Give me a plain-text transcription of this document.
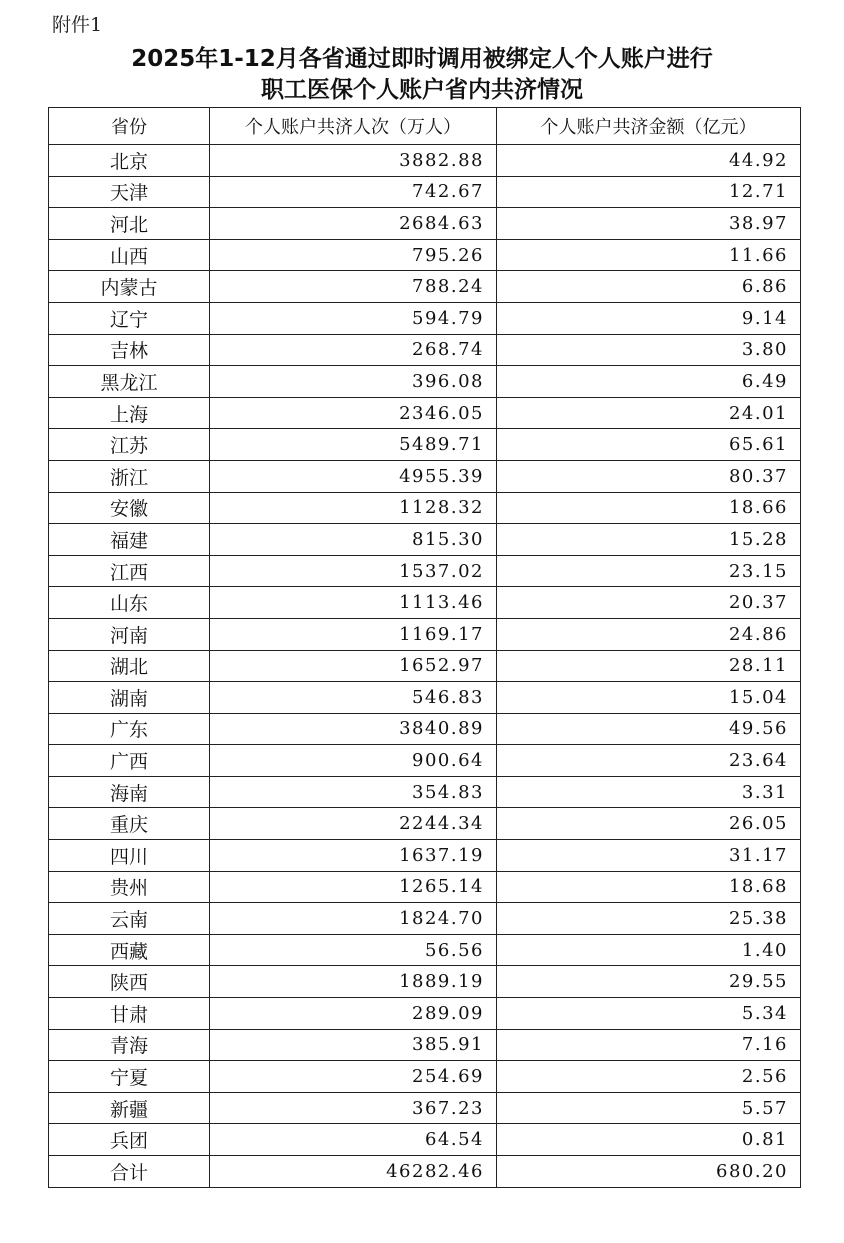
附件1
2025年1-12月各省通过即时调用被绑定人个人账户进行
职工医保个人账户省内共济情况
省份	个人账户共济人次（万人）	个人账户共济金额（亿元）
北京	3882.88	44.92
天津	742.67	12.71
河北	2684.63	38.97
山西	795.26	11.66
内蒙古	788.24	6.86
辽宁	594.79	9.14
吉林	268.74	3.80
黑龙江	396.08	6.49
上海	2346.05	24.01
江苏	5489.71	65.61
浙江	4955.39	80.37
安徽	1128.32	18.66
福建	815.30	15.28
江西	1537.02	23.15
山东	1113.46	20.37
河南	1169.17	24.86
湖北	1652.97	28.11
湖南	546.83	15.04
广东	3840.89	49.56
广西	900.64	23.64
海南	354.83	3.31
重庆	2244.34	26.05
四川	1637.19	31.17
贵州	1265.14	18.68
云南	1824.70	25.38
西藏	56.56	1.40
陕西	1889.19	29.55
甘肃	289.09	5.34
青海	385.91	7.16
宁夏	254.69	2.56
新疆	367.23	5.57
兵团	64.54	0.81
合计	46282.46	680.20
